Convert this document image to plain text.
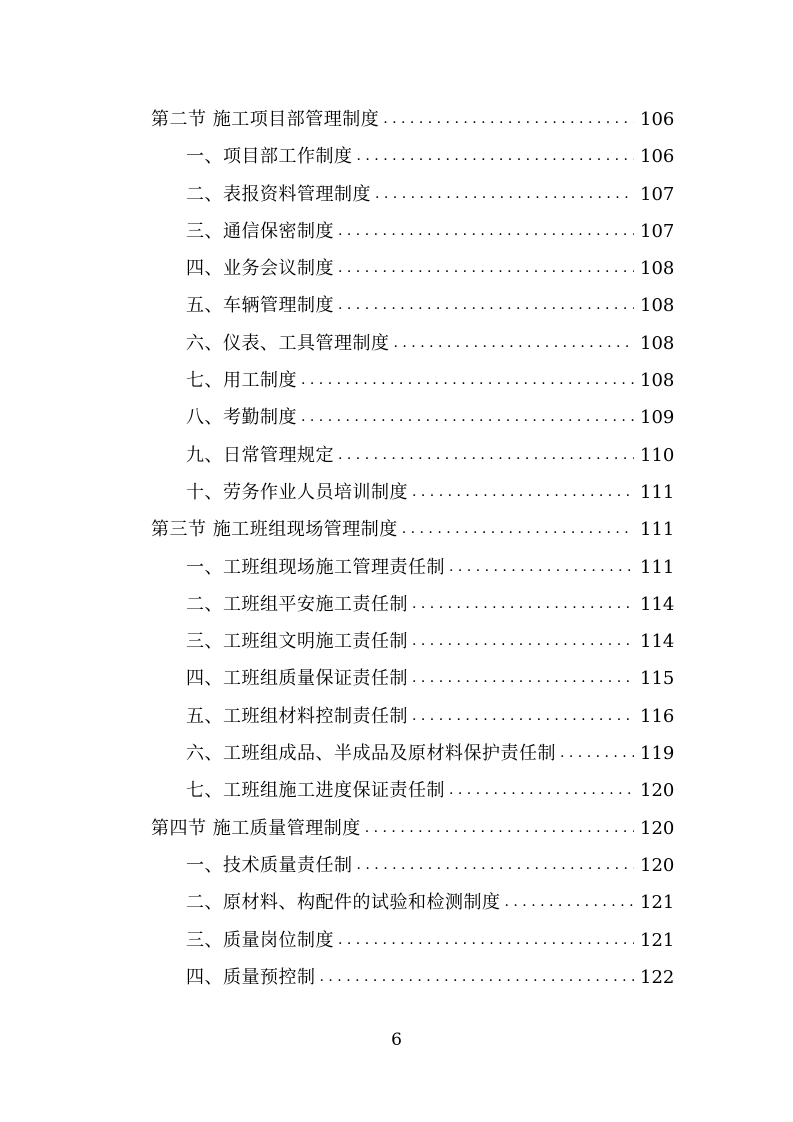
第二节 施工项目部管理制度 . . .	106
一、项目部工作制度 . . .	106
二、表报资料管理制度 . . .	107
三、通信保密制度 . . .	107
四、业务会议制度 . . .	108
五、车辆管理制度 . . .	108
六、仪表、工具管理制度 . . .	108
七、用工制度 . . .	108
八、考勤制度 . . .	109
九、日常管理规定 . . .	110
十、劳务作业人员培训制度 . . .	111
第三节 施工班组现场管理制度 . . .	111
一、工班组现场施工管理责任制 . . .	111
二、工班组平安施工责任制 . . .	114
三、工班组文明施工责任制 . . .	114
四、工班组质量保证责任制 . . .	115
五、工班组材料控制责任制 . . .	116
六、工班组成品、半成品及原材料保护责任制 . . .	119
七、工班组施工进度保证责任制 . . .	120
第四节 施工质量管理制度 . . .	120
一、技术质量责任制 . . .	120
二、原材料、构配件的试验和检测制度 . . .	121
三、质量岗位制度 . . .	121
四、质量预控制 . . .	122
6
